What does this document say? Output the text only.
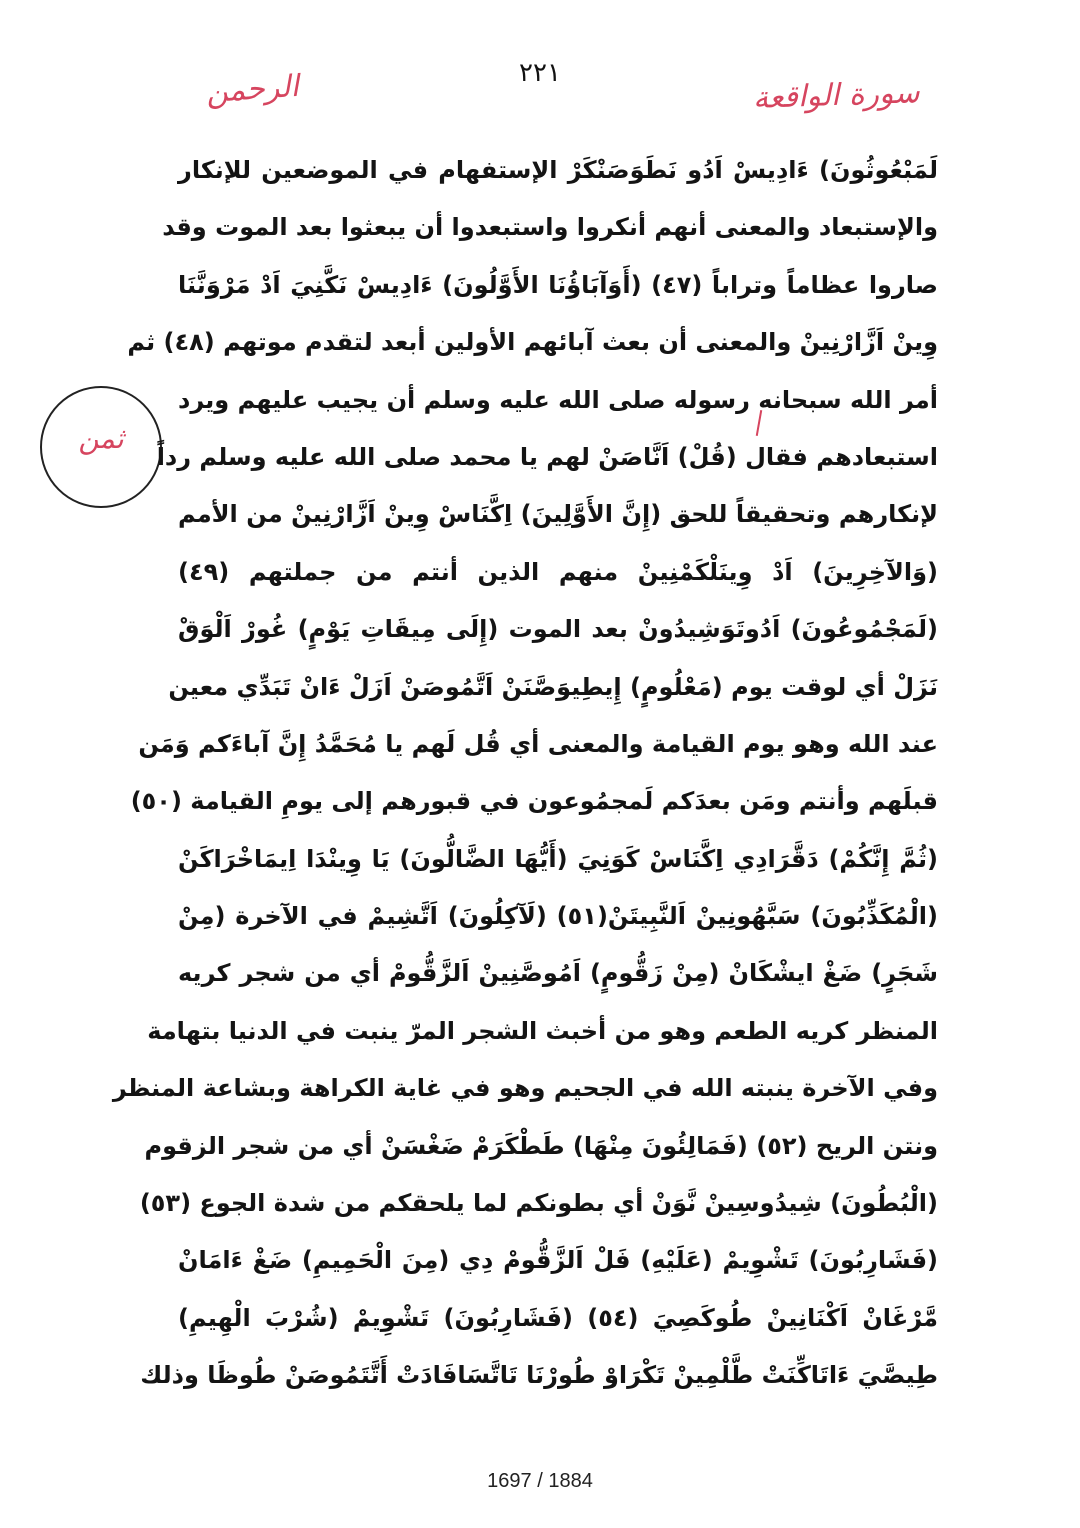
٢٢١
سورة الواقعة
الرحمن
ثمن
لَمَبْعُوثُونَ) ءَادِيسْ اَدُو نَطَوَصَنْكَرْ الإستفهام في الموضعين للإنكار
والإستبعاد والمعنى أنهم أنكروا واستبعدوا أن يبعثوا بعد الموت وقد
صاروا عظاماً وتراباً (٤٧) (أَوَآبَاؤُنَا الأَوَّلُونَ) ءَادِيسْ نَكَّنِيَ اَدْ مَرْوَنَّنَا
وِينْ اَزَّارْنِينْ والمعنى أن بعث آبائهم الأولين أبعد لتقدم موتهم (٤٨) ثم
أمر الله سبحانه رسوله صلى الله عليه وسلم أن يجيب عليهم ويرد
استبعادهم فقال (قُلْ) اَنَّاصَنْ لهم يا محمد صلى الله عليه وسلم رداً
لإنكارهم وتحقيقاً للحق (إِنَّ الأَوَّلِينَ) اِكَّنَاسْ وِينْ اَزَّارْنِينْ من الأمم
(وَالآخِرِينَ) اَدْ وِينَلْكَمْنِينْ منهم الذين أنتم من جملتهم (٤٩)
(لَمَجْمُوعُونَ) اَدُوتَوَشِيدُونْ بعد الموت (إِلَى مِيقَاتِ يَوْمٍ) غُورْ اَلْوَقْ
نَزَلْ أي لوقت يوم (مَعْلُومٍ) إِيطِيوَصَّنَنْ اَتَّمُوصَنْ اَزَلْ ءَانْ تَبَدِّي معين
عند الله وهو يوم القيامة والمعنى أي قُل لَهم يا مُحَمَّدُ إِنَّ آباءَكم وَمَن
قبلَهم وأنتم ومَن بعدَكم لَمجمُوعون في قبورهم إلى يومِ القيامة (٥٠)
(ثُمَّ إِنَّكُمْ) دَقَّرَادِي اِكَّنَاسْ كَوَنِيَ (أَيُّهَا الضَّالُّونَ) يَا وِينْدَا اِيمَاخْرَاكَنْ
(الْمُكَذِّبُونَ) سَبَّهُونِينْ اَلنَّبِيتَنْ(٥١) (لَآكِلُونَ) اَتَّشِيمْ في الآخرة (مِنْ
شَجَرٍ) ضَغْ ايشْكَانْ (مِنْ زَقُّومٍ) اَمُوصَّنِينْ اَلزَّقُّومْ أي من شجر كريه
المنظر كريه الطعم وهو من أخبث الشجر المرّ ينبت في الدنيا بتهامة
وفي الآخرة ينبته الله في الجحيم وهو في غاية الكراهة وبشاعة المنظر
ونتن الريح (٥٢) (فَمَالِئُونَ مِنْهَا) طَطْكَرَمْ ضَغْسَنْ أي من شجر الزقوم
(الْبُطُونَ) شِيدُوسِينْ نَّوَنْ أي بطونكم لما يلحقكم من شدة الجوع (٥٣)
(فَشَارِبُونَ) تَشْوِيمْ (عَلَيْهِ) فَلْ اَلزَّقُّومْ دِي (مِنَ الْحَمِيمِ) ضَغْ ءَامَانْ
مَّرْغَانْ اَكْنَانِينْ طُوكَصِيَ (٥٤) (فَشَارِبُونَ) تَشْوِيمْ (شُرْبَ الْهِيمِ)
طِيصَّيَ ءَاتَاكِّنَتْ طَّلْمِينْ تَكْرَاوْ طُورْنَا تَاتَّسَافَادَتْ أَتَّتَمُوصَنْ طُوظَا وذلك
1697 / 1884
